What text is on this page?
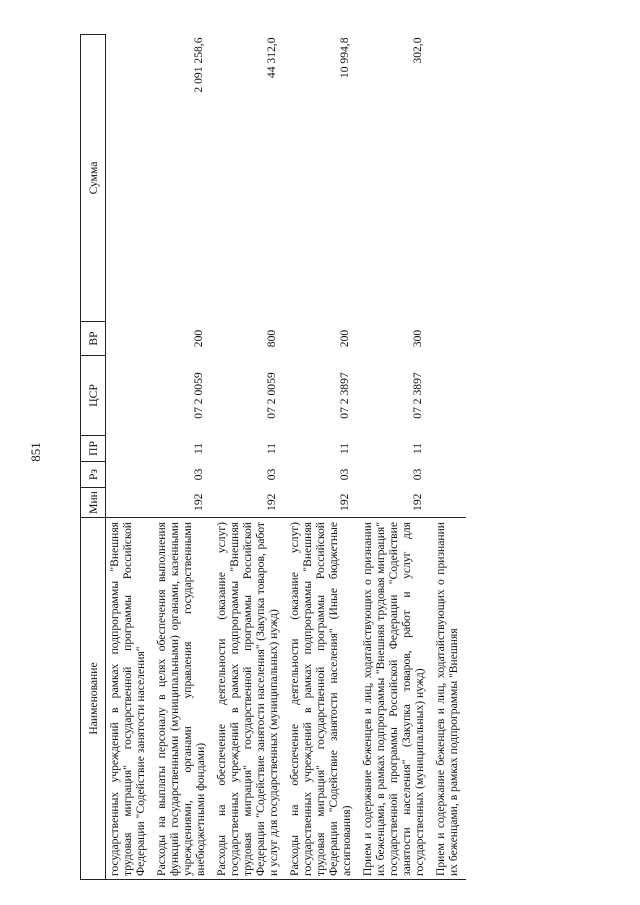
851
Наименование	Мин	Рз	ПР	ЦСР	ВР	Сумма
государственных учреждений в рамках подпрограммы "Внешняя трудовая миграция" государственной программы Российской Федерации "Содействие занятости населения"						
Расходы на выплаты персоналу в целях обеспечения выполнения функций государственными (муниципальными) органами, казенными учреждениями, органами управления государственными внебюджетными фондами)	192	03	11	07 2 0059	200	2 091 258,6
Расходы на обеспечение деятельности (оказание услуг) государственных учреждений в рамках подпрограммы "Внешняя трудовая миграция" государственной программы Российской Федерации "Содействие занятости населения" (Закупка товаров, работ и услуг для государственных (муниципальных) нужд)	192	03	11	07 2 0059	800	44 312,0
Расходы на обеспечение деятельности (оказание услуг) государственных учреждений в рамках подпрограммы "Внешняя трудовая миграция" государственной программы Российской Федерации "Содействие занятости населения" (Иные бюджетные ассигнования)	192	03	11	07 2 3897	200	10 994,8
Прием и содержание беженцев и лиц, ходатайствующих о признании их беженцами, в рамках подпрограммы "Внешняя трудовая миграция" государственной программы Российской Федерации "Содействие занятости населения" (Закупка товаров, работ и услуг для государственных (муниципальных) нужд)	192	03	11	07 2 3897	300	302,0
Прием и содержание беженцев и лиц, ходатайствующих о признании их беженцами, в рамках подпрограммы "Внешняя						
